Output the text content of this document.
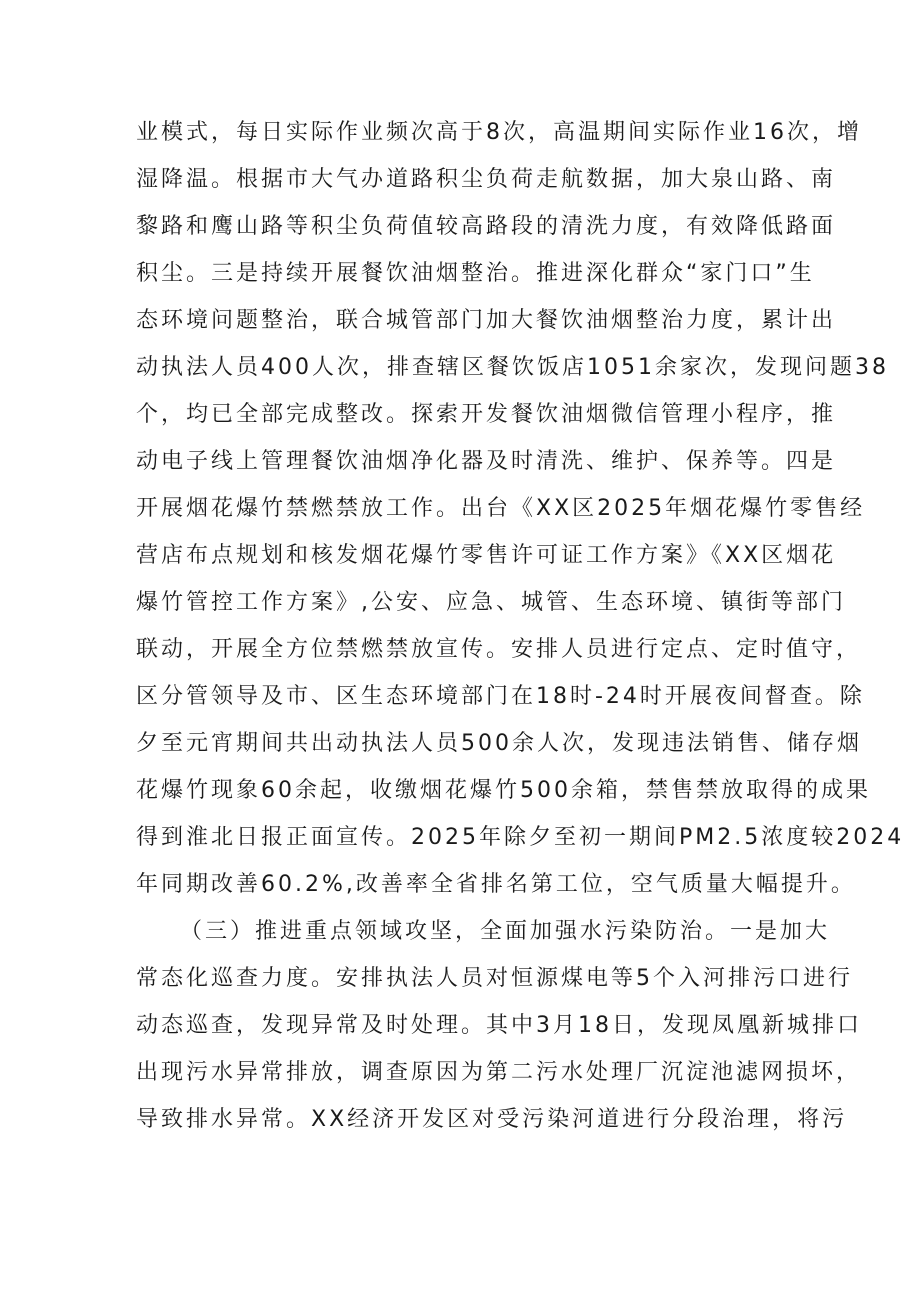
业模式，每日实际作业频次高于8次，高温期间实际作业16次，增
湿降温。根据市大气办道路积尘负荷走航数据，加大泉山路、南
黎路和鹰山路等积尘负荷值较高路段的清洗力度，有效降低路面
积尘。三是持续开展餐饮油烟整治。推进深化群众“家门口”生
态环境问题整治，联合城管部门加大餐饮油烟整治力度，累计出
动执法人员400人次，排查辖区餐饮饭店1051余家次，发现问题38
个，均已全部完成整改。探索开发餐饮油烟微信管理小程序，推
动电子线上管理餐饮油烟净化器及时清洗、维护、保养等。四是
开展烟花爆竹禁燃禁放工作。出台《XX区2025年烟花爆竹零售经
营店布点规划和核发烟花爆竹零售许可证工作方案》《XX区烟花
爆竹管控工作方案》,公安、应急、城管、生态环境、镇街等部门
联动，开展全方位禁燃禁放宣传。安排人员进行定点、定时值守，
区分管领导及市、区生态环境部门在18时-24时开展夜间督查。除
夕至元宵期间共出动执法人员500余人次，发现违法销售、储存烟
花爆竹现象60余起，收缴烟花爆竹500余箱，禁售禁放取得的成果
得到淮北日报正面宣传。2025年除夕至初一期间PM2.5浓度较2024
年同期改善60.2%,改善率全省排名第工位，空气质量大幅提升。
（三）推进重点领域攻坚，全面加强水污染防治。一是加大
常态化巡查力度。安排执法人员对恒源煤电等5个入河排污口进行
动态巡查，发现异常及时处理。其中3月18日，发现凤凰新城排口
出现污水异常排放，调查原因为第二污水处理厂沉淀池滤网损坏，
导致排水异常。XX经济开发区对受污染河道进行分段治理，将污
